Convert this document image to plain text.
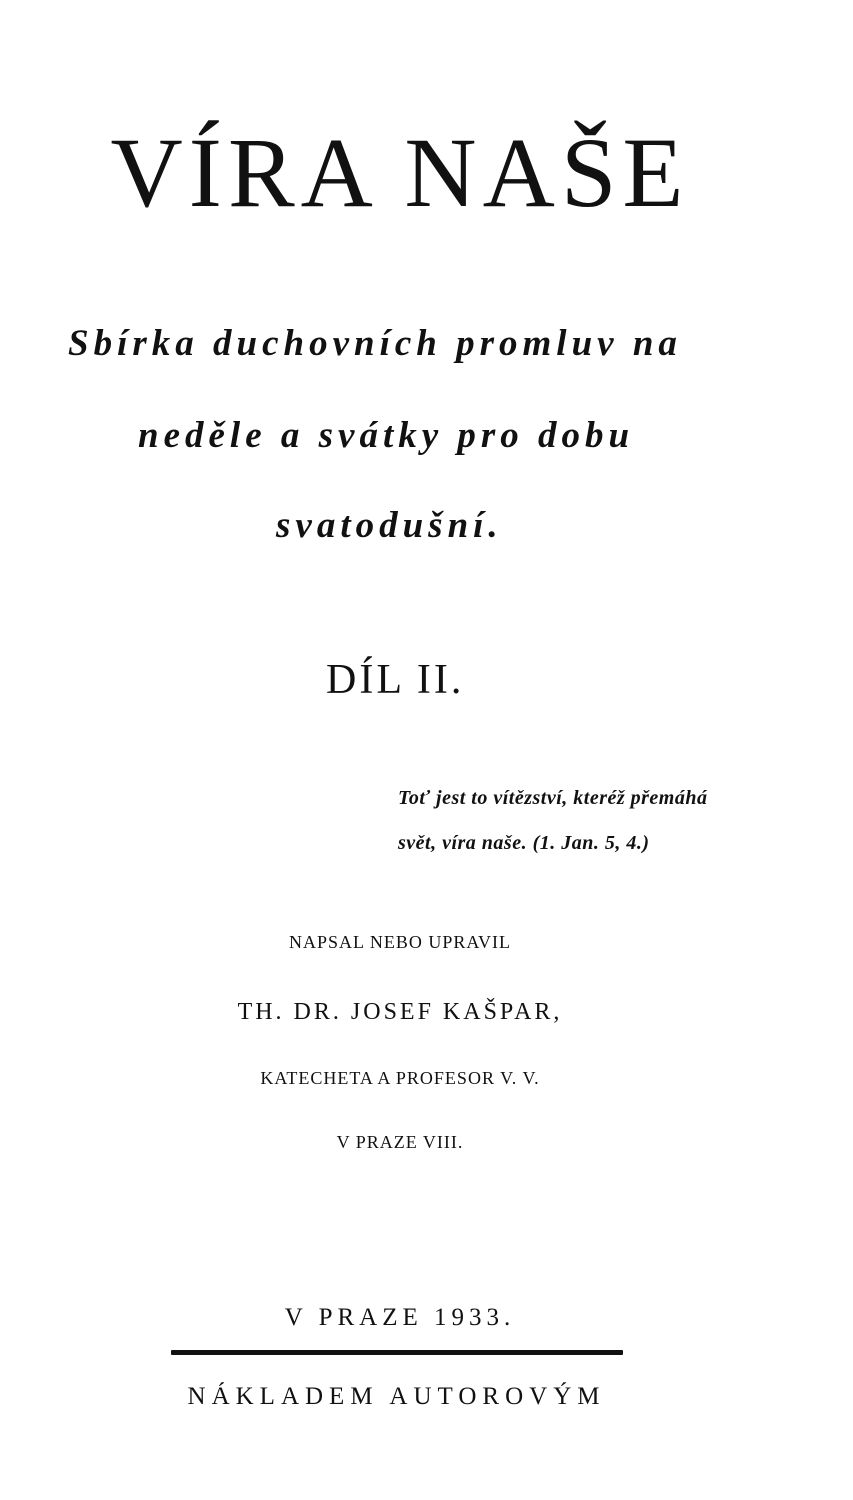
VÍRA NAŠE
Sbírka duchovních promluv na
neděle a svátky pro dobu
svatodušní.
DÍL II.
Toť jest to vítězství, kteréž přemáhá
svět, víra naše. (1. Jan. 5, 4.)
NAPSAL NEBO UPRAVIL
TH. DR. JOSEF KAŠPAR,
KATECHETA A PROFESOR V. V.
V PRAZE VIII.
V PRAZE 1933.
NÁKLADEM AUTOROVÝM
